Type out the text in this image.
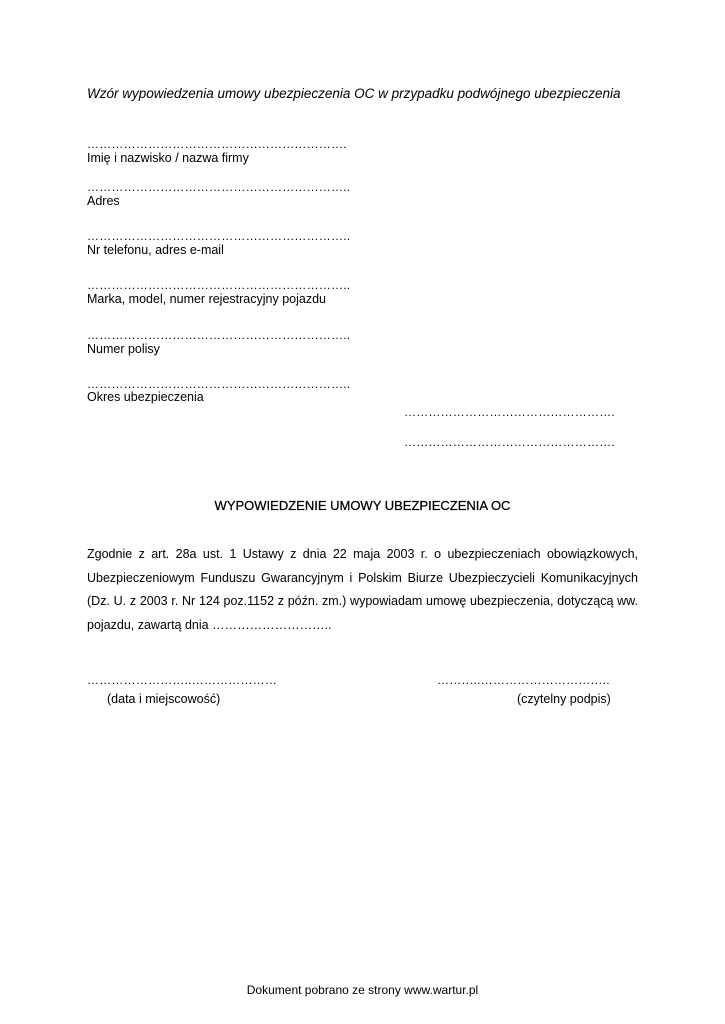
Wzór wypowiedzenia umowy ubezpieczenia OC w przypadku podwójnego ubezpieczenia
……………………………………………………….
Imię i nazwisko / nazwa firmy
………………………………………………………..
Adres
………………………………………………………..
Nr telefonu, adres e-mail
………………………………………………………..
Marka, model, numer rejestracyjny pojazdu
………………………………………………………..
Numer polisy
………………………………………………………..
Okres ubezpieczenia
…………………………………………….
…………………………………………….
WYPOWIEDZENIE UMOWY UBEZPIECZENIA OC
Zgodnie z art. 28a ust. 1 Ustawy z dnia 22 maja 2003 r. o ubezpieczeniach obowiązkowych, Ubezpieczeniowym Funduszu Gwarancyjnym i Polskim Biurze Ubezpieczycieli Komunikacyjnych (Dz. U. z 2003 r. Nr 124 poz.1152 z późn. zm.) wypowiadam umowę ubezpieczenia, dotyczącą ww. pojazdu, zawartą dnia ………………………..
……………………..…………………
(data i miejscowość)
………..…………………………..
(czytelny podpis)
Dokument pobrano ze strony www.wartur.pl
